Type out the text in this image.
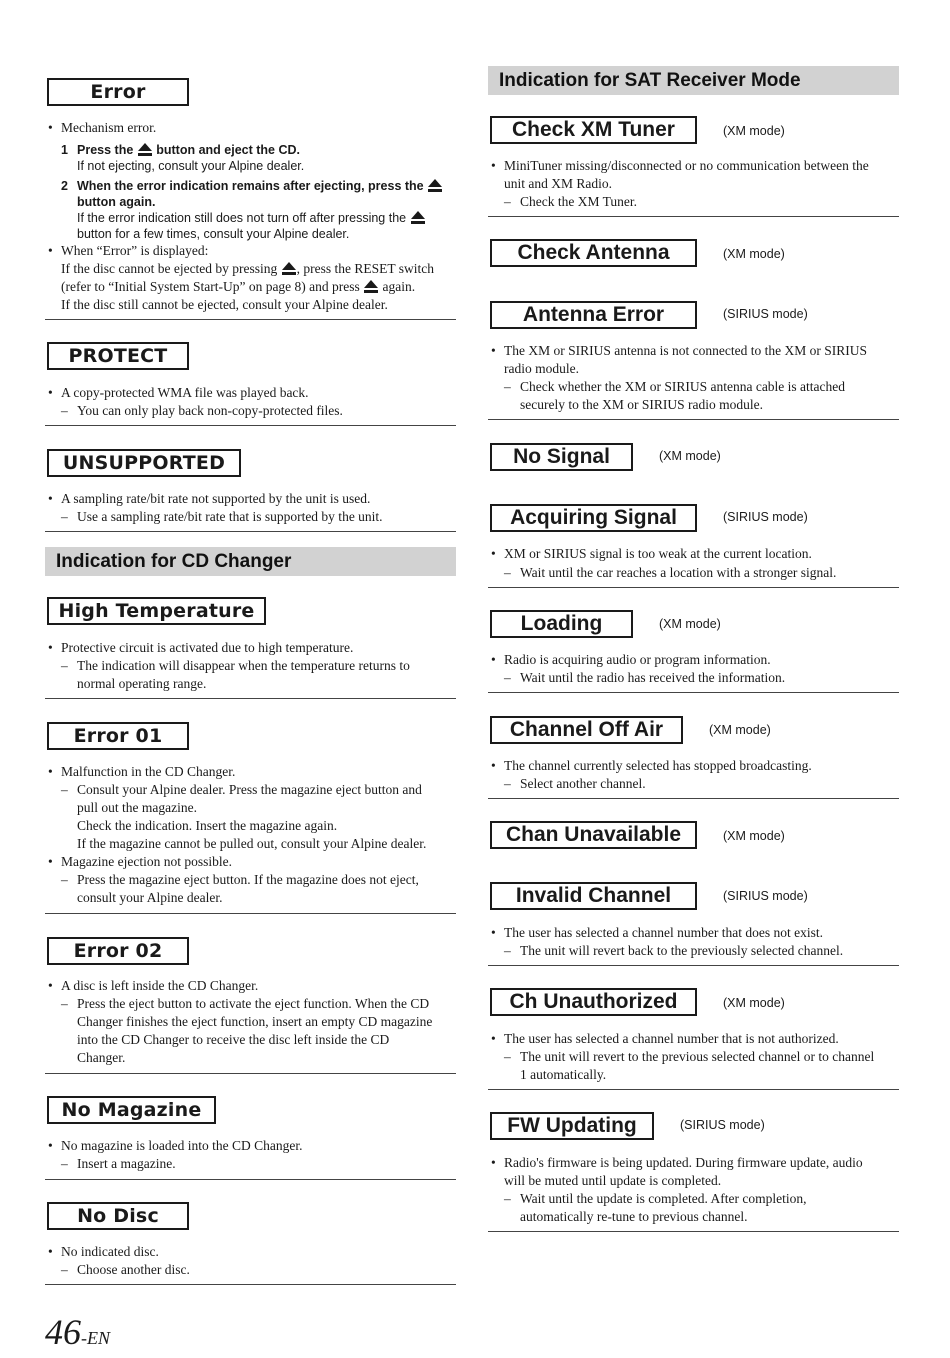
Error
• Mechanism error.
1 Press the button and eject the CD.
If not ejecting, consult your Alpine dealer.
2 When the error indication remains after ejecting, press the
button again.
If the error indication still does not turn off after pressing the
button for a few times, consult your Alpine dealer.
• When “Error” is displayed:
If the disc cannot be ejected by pressing , press the RESET switch
(refer to “Initial System Start-Up” on page 8) and press again.
If the disc still cannot be ejected, consult your Alpine dealer.
PROTECT
• A copy-protected WMA file was played back.
– You can only play back non-copy-protected files.
UNSUPPORTED
• A sampling rate/bit rate not supported by the unit is used.
– Use a sampling rate/bit rate that is supported by the unit.
Indication for CD Changer
High Temperature
• Protective circuit is activated due to high temperature.
– The indication will disappear when the temperature returns to
normal operating range.
Error 01
• Malfunction in the CD Changer.
– Consult your Alpine dealer. Press the magazine eject button and
pull out the magazine.
Check the indication. Insert the magazine again.
If the magazine cannot be pulled out, consult your Alpine dealer.
• Magazine ejection not possible.
– Press the magazine eject button. If the magazine does not eject,
consult your Alpine dealer.
Error 02
• A disc is left inside the CD Changer.
– Press the eject button to activate the eject function. When the CD
Changer finishes the eject function, insert an empty CD magazine
into the CD Changer to receive the disc left inside the CD
Changer.
No Magazine
• No magazine is loaded into the CD Changer.
– Insert a magazine.
No Disc
• No indicated disc.
– Choose another disc.
Indication for SAT Receiver Mode
Check XM Tuner	(XM mode)
• MiniTuner missing/disconnected or no communication between the
unit and XM Radio.
– Check the XM Tuner.
Check Antenna	(XM mode)
Antenna Error	(SIRIUS mode)
• The XM or SIRIUS antenna is not connected to the XM or SIRIUS
radio module.
– Check whether the XM or SIRIUS antenna cable is attached
securely to the XM or SIRIUS radio module.
No Signal	(XM mode)
Acquiring Signal	(SIRIUS mode)
• XM or SIRIUS signal is too weak at the current location.
– Wait until the car reaches a location with a stronger signal.
Loading	(XM mode)
• Radio is acquiring audio or program information.
– Wait until the radio has received the information.
Channel Off Air	(XM mode)
• The channel currently selected has stopped broadcasting.
– Select another channel.
Chan Unavailable	(XM mode)
Invalid Channel	(SIRIUS mode)
• The user has selected a channel number that does not exist.
– The unit will revert back to the previously selected channel.
Ch Unauthorized	(XM mode)
• The user has selected a channel number that is not authorized.
– The unit will revert to the previous selected channel or to channel
1 automatically.
FW Updating	(SIRIUS mode)
• Radio's firmware is being updated. During firmware update, audio
will be muted until update is completed.
– Wait until the update is completed. After completion,
automatically re-tune to previous channel.
46-EN
